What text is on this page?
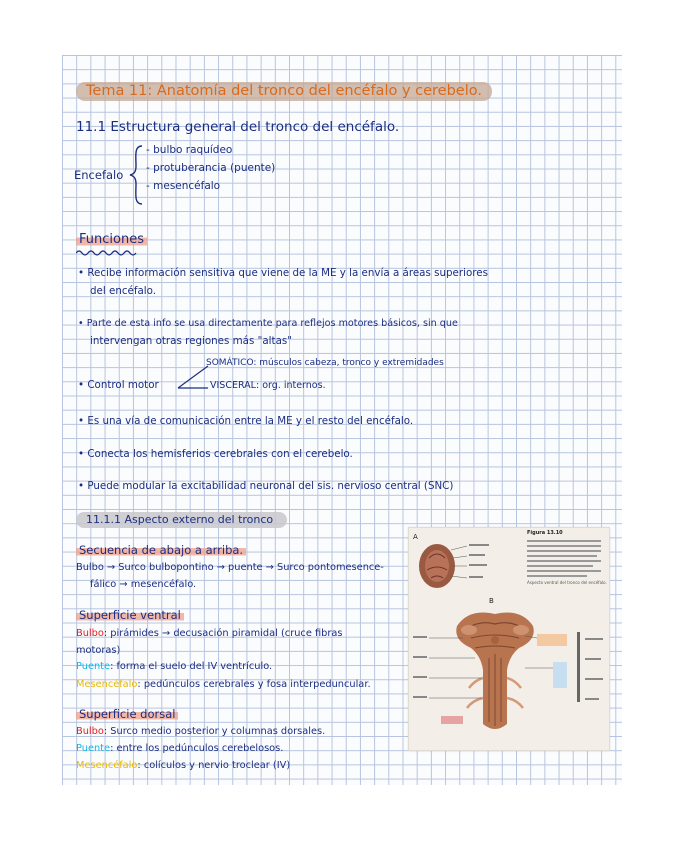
Tema 11: Anatomía del tronco del encéfalo y cerebelo.
11.1 Estructura general del tronco del encéfalo.
Encefalo
- bulbo raquídeo
- protuberancia (puente)
- mesencéfalo
Funciones
• Recibe información sensitiva que viene de la ME y la envía a áreas superiores
del encéfalo.
• Parte de esta info se usa directamente para reflejos motores básicos, sin que
intervengan otras regiones más "altas"
• Control motor
SOMÁTICO: músculos cabeza, tronco y extremidades
VISCERAL: org. internos.
• Es una vía de comunicación entre la ME y el resto del encéfalo.
• Conecta los hemisferios cerebrales con el cerebelo.
• Puede modular la excitabilidad neuronal del sis. nervioso central (SNC)
11.1.1 Aspecto externo del tronco
Secuencia de abajo a arriba.
Bulbo → Surco bulbopontino → puente → Surco pontomesence-
fálico → mesencéfalo.
Superficie ventral
Bulbo: pirámides → decusación piramidal (cruce fibras
motoras)
Puente: forma el suelo del IV ventrículo.
Mesencéfalo: pedúnculos cerebrales y fosa interpeduncular.
Superficie dorsal
Bulbo: Surco medio posterior y columnas dorsales.
Puente: entre los pedúnculos cerebelosos.
Mesencéfalo: colículos y nervio troclear (IV)
A
B
Figura 13.10
Aspecto ventral del tronco del encéfalo.
